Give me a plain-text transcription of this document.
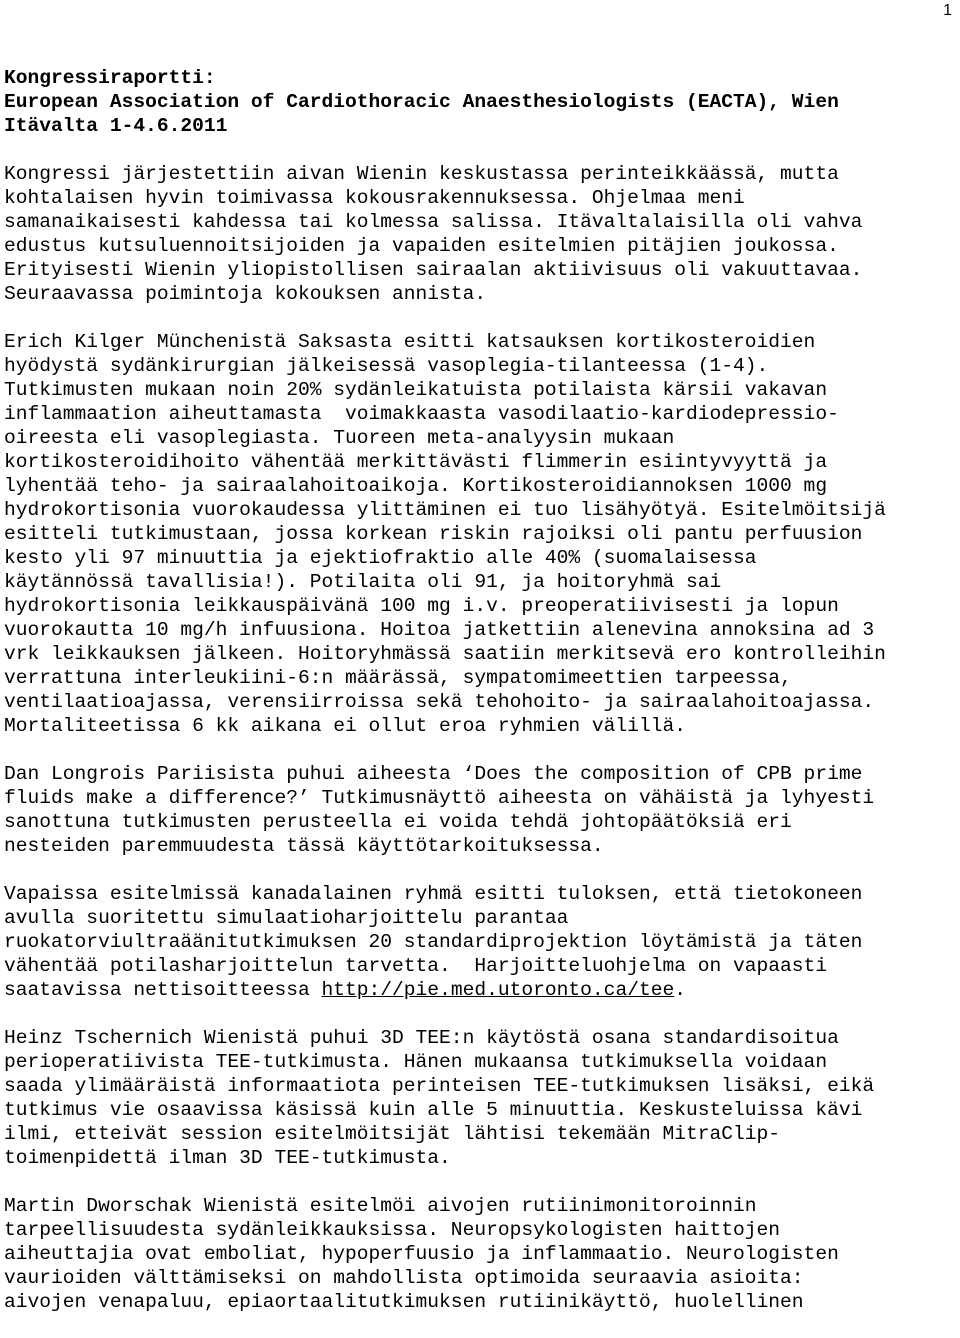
1
Kongressiraportti:
European Association of Cardiothoracic Anaesthesiologists (EACTA), Wien
Itävalta 1-4.6.2011
Kongressi järjestettiin aivan Wienin keskustassa perinteikkäässä, mutta
kohtalaisen hyvin toimivassa kokousrakennuksessa. Ohjelmaa meni
samanaikaisesti kahdessa tai kolmessa salissa. Itävaltalaisilla oli vahva
edustus kutsuluennoitsijoiden ja vapaiden esitelmien pitäjien joukossa.
Erityisesti Wienin yliopistollisen sairaalan aktiivisuus oli vakuuttavaa.
Seuraavassa poimintoja kokouksen annista.
Erich Kilger Münchenistä Saksasta esitti katsauksen kortikosteroidien
hyödystä sydänkirurgian jälkeisessä vasoplegia-tilanteessa (1-4).
Tutkimusten mukaan noin 20% sydänleikatuista potilaista kärsii vakavan
inflammaation aiheuttamasta  voimakkaasta vasodilaatio-kardiodepressio-
oireesta eli vasoplegiasta. Tuoreen meta-analyysin mukaan
kortikosteroidihoito vähentää merkittävästi flimmerin esiintyvyyttä ja
lyhentää teho- ja sairaalahoitoaikoja. Kortikosteroidiannoksen 1000 mg
hydrokortisonia vuorokaudessa ylittäminen ei tuo lisähyötyä. Esitelmöitsijä
esitteli tutkimustaan, jossa korkean riskin rajoiksi oli pantu perfuusion
kesto yli 97 minuuttia ja ejektiofraktio alle 40% (suomalaisessa
käytännössä tavallisia!). Potilaita oli 91, ja hoitoryhmä sai
hydrokortisonia leikkauspäivänä 100 mg i.v. preoperatiivisesti ja lopun
vuorokautta 10 mg/h infuusiona. Hoitoa jatkettiin alenevina annoksina ad 3
vrk leikkauksen jälkeen. Hoitoryhmässä saatiin merkitsevä ero kontrolleihin
verrattuna interleukiini-6:n määrässä, sympatomimeettien tarpeessa,
ventilaatioajassa, verensiirroissa sekä tehohoito- ja sairaalahoitoajassa.
Mortaliteetissa 6 kk aikana ei ollut eroa ryhmien välillä.
Dan Longrois Pariisista puhui aiheesta ‘Does the composition of CPB prime
fluids make a difference?’ Tutkimusnäyttö aiheesta on vähäistä ja lyhyesti
sanottuna tutkimusten perusteella ei voida tehdä johtopäätöksiä eri
nesteiden paremmuudesta tässä käyttötarkoituksessa.
Vapaissa esitelmissä kanadalainen ryhmä esitti tuloksen, että tietokoneen
avulla suoritettu simulaatioharjoittelu parantaa
ruokatorviultraäänitutkimuksen 20 standardiprojektion löytämistä ja täten
vähentää potilasharjoittelun tarvetta.  Harjoitteluohjelma on vapaasti
saatavissa nettisoitteessa http://pie.med.utoronto.ca/tee.
Heinz Tschernich Wienistä puhui 3D TEE:n käytöstä osana standardisoitua
perioperatiivista TEE-tutkimusta. Hänen mukaansa tutkimuksella voidaan
saada ylimääräistä informaatiota perinteisen TEE-tutkimuksen lisäksi, eikä
tutkimus vie osaavissa käsissä kuin alle 5 minuuttia. Keskusteluissa kävi
ilmi, etteivät session esitelmöitsijät lähtisi tekemään MitraClip-
toimenpidettä ilman 3D TEE-tutkimusta.
Martin Dworschak Wienistä esitelmöi aivojen rutiinimonitoroinnin
tarpeellisuudesta sydänleikkauksissa. Neuropsykologisten haittojen
aiheuttajia ovat emboliat, hypoperfuusio ja inflammaatio. Neurologisten
vaurioiden välttämiseksi on mahdollista optimoida seuraavia asioita:
aivojen venapaluu, epiaortaalitutkimuksen rutiinikäyttö, huolellinen
